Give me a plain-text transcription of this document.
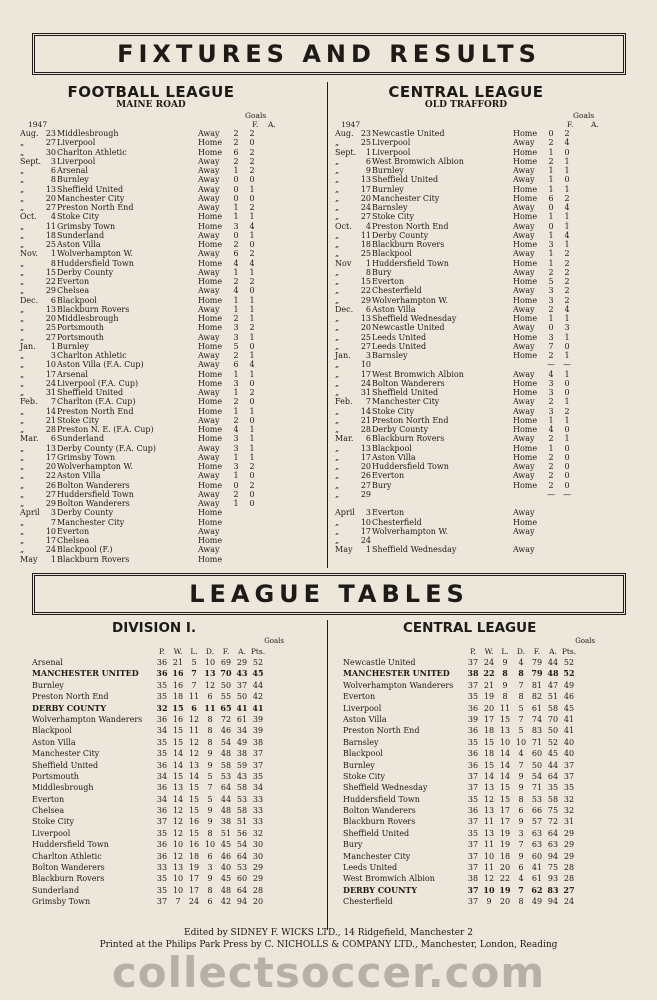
FIXTURES AND RESULTS
FOOTBALL LEAGUE
MAINE ROAD
Goals
1947	F. A.
Aug. 23 Middlesbrough	Away	2	2
„	27 Liverpool	Home	2	0
„	30 Charlton Athletic	Home	6	2
Sept.	3 Liverpool	Away	2	2
„	6 Arsenal	Away	1	2
„	8 Burnley	Away	0	0
„	13 Sheffield United	Away	0	1
„	20 Manchester City	Away	0	0
„	27 Preston North End	Away	1	2
Oct.	4 Stoke City	Home	1	1
„	11 Grimsby Town	Home	3	4
„	18 Sunderland	Away	0	1
„	25 Aston Villa	Home	2	0
Nov.	1 Wolverhampton W.	Away	6	2
„	8 Huddersfield Town	Home	4	4
„	15 Derby County	Away	1	1
„	22 Everton	Home	2	2
„	29 Chelsea	Away	4	0
Dec.	6 Blackpool	Home	1	1
„	13 Blackburn Rovers	Away	1	1
„	20 Middlesbrough	Home	2	1
„	25 Portsmouth	Home	3	2
„	27 Portsmouth	Away	3	1
Jan.	1 Burnley	Home	5	0
„	3 Charlton Athletic	Away	2	1
„	10 Aston Villa (F.A. Cup)	Away	6	4
„	17 Arsenal	Home	1	1
„	24 Liverpool (F.A. Cup)	Home	3	0
„	31 Sheffield United	Away	1	2
Feb.	7 Charlton (F.A. Cup)	Home	2	0
„	14 Preston North End	Home	1	1
„	21 Stoke City	Away	2	0
„	28 Preston N. E. (F.A. Cup)	Home	4	1
Mar.	6 Sunderland	Home	3	1
„	13 Derby County (F.A. Cup)	Away	3	1
„	17 Grimsby Town	Away	1	1
„	20 Wolverhampton W.	Home	3	2
„	22 Aston Villa	Away	1	0
„	26 Bolton Wanderers	Home	0	2
„	27 Huddersfield Town	Away	2	0
„	29 Bolton Wanderers	Away	1	0
April	3 Derby County	Home
„	7 Manchester City	Home
„	10 Everton	Away
„	17 Chelsea	Home
„	24 Blackpool (F.)	Away
May	1 Blackburn Rovers	Home
CENTRAL LEAGUE
OLD TRAFFORD
Goals
1947	F. A.
Aug. 23 Newcastle United	Home	0	2
„	25 Liverpool	Away	2	4
Sept.	1 Liverpool	Home	1	0
„	6 West Bromwich Albion	Home	2	1
„	9 Burnley	Away	1	1
„	13 Sheffield United	Away	1	0
„	17 Burnley	Home	1	1
„	20 Manchester City	Home	6	2
„	24 Barnsley	Away	0	4
„	27 Stoke City	Home	1	1
Oct.	4 Preston North End	Away	0	1
„	11 Derby County	Away	1	4
„	18 Blackburn Rovers	Home	3	1
„	25 Blackpool	Away	1	2
Nov	1 Huddersfield Town	Home	1	2
„	8 Bury	Away	2	2
„	15 Everton	Home	5	2
„	22 Chesterfield	Away	3	2
„	29 Wolverhampton W.	Home	3	2
Dec.	6 Aston Villa	Away	2	4
„	13 Sheffield Wednesday	Home	1	1
„	20 Newcastle United	Away	0	3
„	25 Leeds United	Home	3	1
„	27 Leeds United	Away	7	0
Jan.	3 Barnsley	Home	2	1
„	10	—	—
„	17 West Bromwich Albion	Away	4	1
„	24 Bolton Wanderers	Home	3	0
„	31 Sheffield United	Home	3	0
Feb.	7 Manchester City	Away	2	1
„	14 Stoke City	Away	3	2
„	21 Preston North End	Home	1	1
„	28 Derby County	Home	4	0
Mar.	6 Blackburn Rovers	Away	2	1
„	13 Blackpool	Home	1	0
„	17 Aston Villa	Home	2	0
„	20 Huddersfield Town	Away	2	0
„	26 Everton	Away	2	0
„	27 Bury	Home	2	0
„	29	—	—
April	3 Everton	Away
„	10 Chesterfield	Home
„	17 Wolverhampton W.	Away
„	24
May	1 Sheffield Wednesday	Away
LEAGUE TABLES
DIVISION I.
Goals
P.	W.	L.	D.	F.	A. Pts.
Arsenal	36 21	5	10 69 29 52
MANCHESTER UNITED	36 16 7 13 70 43 45
Burnley	35 16	7	12 50 37 44
Preston North End	35 18 11	6	55 50 42
DERBY COUNTY	32 15 6 11 65 41 41
Wolverhampton Wanderers	36 16 12	8	72 61 39
Blackpool	34 15 11	8	46 34 39
Aston Villa	35 15 12	8	54 49 38
Manchester City	35 14 12	9	48 38 37
Sheffield United	36 14 13	9	58 59 37
Portsmouth	34 15 14	5	53 43 35
Middlesbrough	36 13 15	7	64 58 34
Everton	34 14 15	5	44 53 33
Chelsea	36 12 15	9	48 58 33
Stoke City	37 12 16	9	38 51 33
Liverpool	35 12 15	8	51 56 32
Huddersfield Town	36 10 16 10 45 54 30
Charlton Athletic	36 12 18	6	46 64 30
Bolton Wanderers	33 13 19	3	40 53 29
Blackburn Rovers	35 10 17	9	45 60 29
Sunderland	35 10 17	8	48 64 28
Grimsby Town	37	7	24	6	42 94 20
CENTRAL LEAGUE
Goals
P.	W.	L.	D.	F.	A. Pts.
Newcastle United	37 24	9	4	79 44 52
MANCHESTER UNITED	38 22 8	8 79 48 52
Wolverhampton Wanderers	37 21	9	7	81 47 49
Everton	35 19	8	8	82 51 46
Liverpool	36 20 11	5	61 58 45
Aston Villa	39 17 15	7	74 70 41
Preston North End	36 18 13	5	83 50 41
Barnsley	35 15 10 10 71 52 40
Blackpool	36 18 14	4	60 45 40
Burnley	36 15 14	7	50 44 37
Stoke City	37 14 14	9	54 64 37
Sheffield Wednesday	37 13 15	9	71 35 35
Huddersfield Town	35 12 15	8	53 58 32
Bolton Wanderers	36 13 17	6	66 75 32
Blackburn Rovers	37 11 17	9	57 72 31
Sheffield United	35 13 19	3	63 64 29
Bury	37 11 19	7	63 63 29
Manchester City	37 10 18	9	60 94 29
Leeds United	37 11 20	6	41 75 28
West Bromwich Albion	38 12 22	4	61 93 28
DERBY COUNTY	37 10 19 7 62 83 27
Chesterfield	37	9	20	8	49 94 24
Edited by SIDNEY F. WICKS LTD., 14 Ridgefield, Manchester 2
Printed at the Philips Park Press by C. NICHOLLS & COMPANY LTD., Manchester, London, Reading
collectsoccer.com
